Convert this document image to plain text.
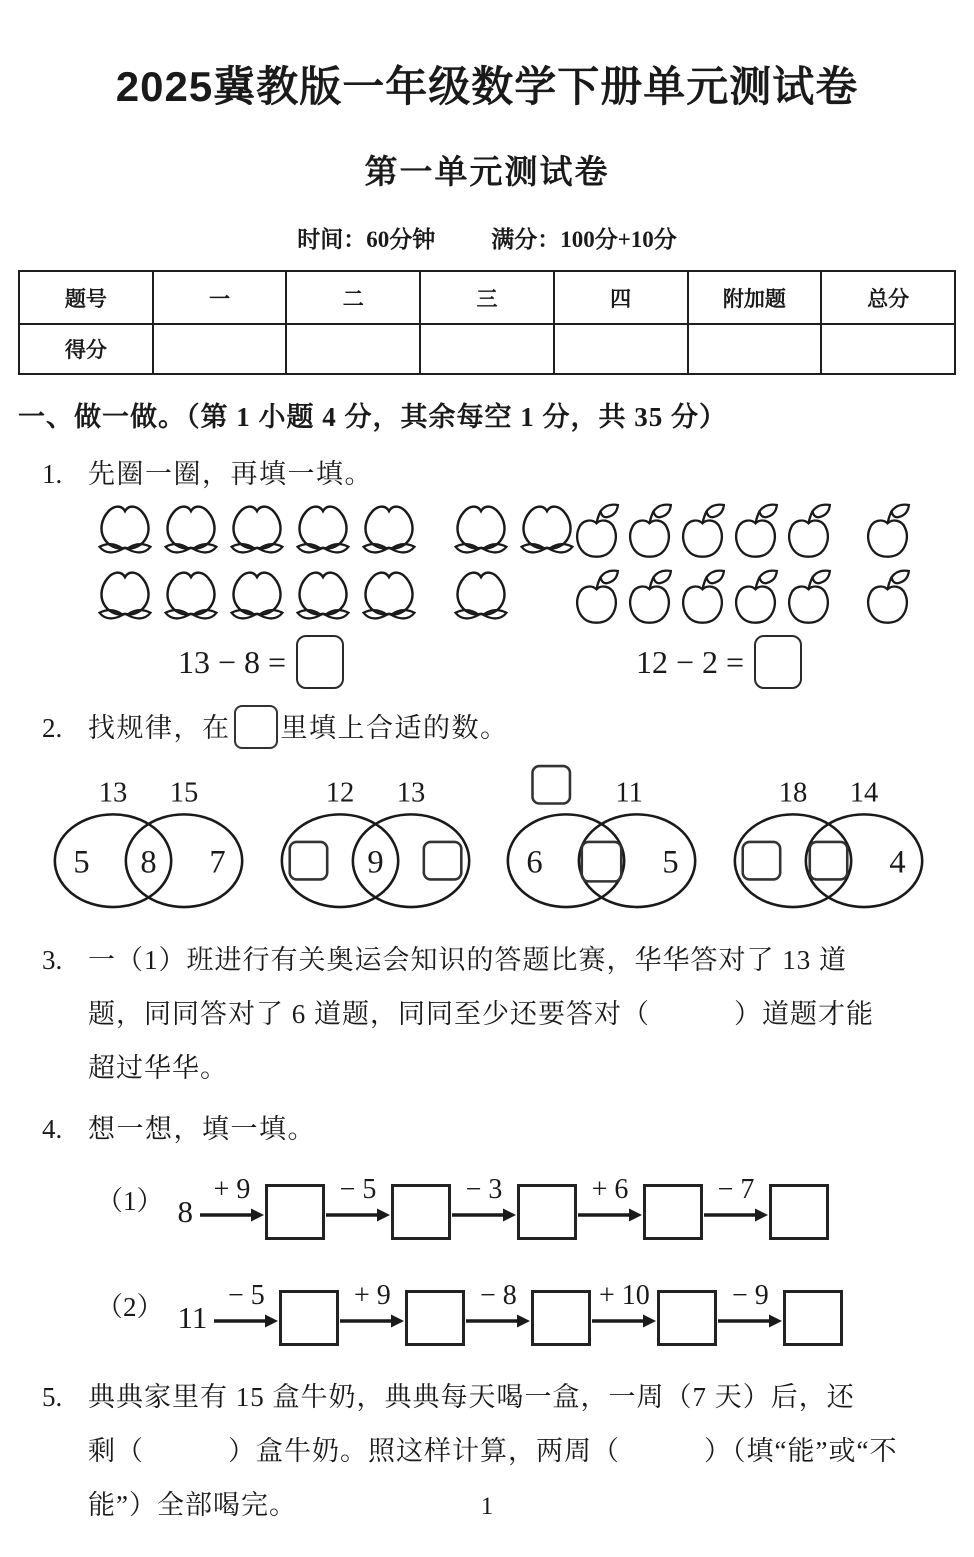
2025冀教版一年级数学下册单元测试卷
第一单元测试卷
时间：60分钟 满分：100分+10分
题号	一	二	三	四	附加题	总分
得分						
一、做一做。（第 1 小题 4 分，其余每空 1 分，共 35 分）
1. 先圈一圈，再填一填。
13 − 8 =	12 − 2 =
2. 找规律，在 里填上合适的数。
13 15
5 8 7
12 13
9
11
6	5
18 14
4
3. 一（1）班进行有关奥运会知识的答题比赛，华华答对了 13 道
题，同同答对了 6 道题，同同至少还要答对（　　　）道题才能
超过华华。
4. 想一想，填一填。
（1） 8
+ 9	− 5	− 3	+ 6	− 7
（2） 11
− 5	+ 9	− 8	+ 10	− 9
5. 典典家里有 15 盒牛奶，典典每天喝一盒，一周（7 天）后，还
剩（　　　）盒牛奶。照这样计算，两周（　　　）（填“能”或“不
能”）全部喝完。	1
